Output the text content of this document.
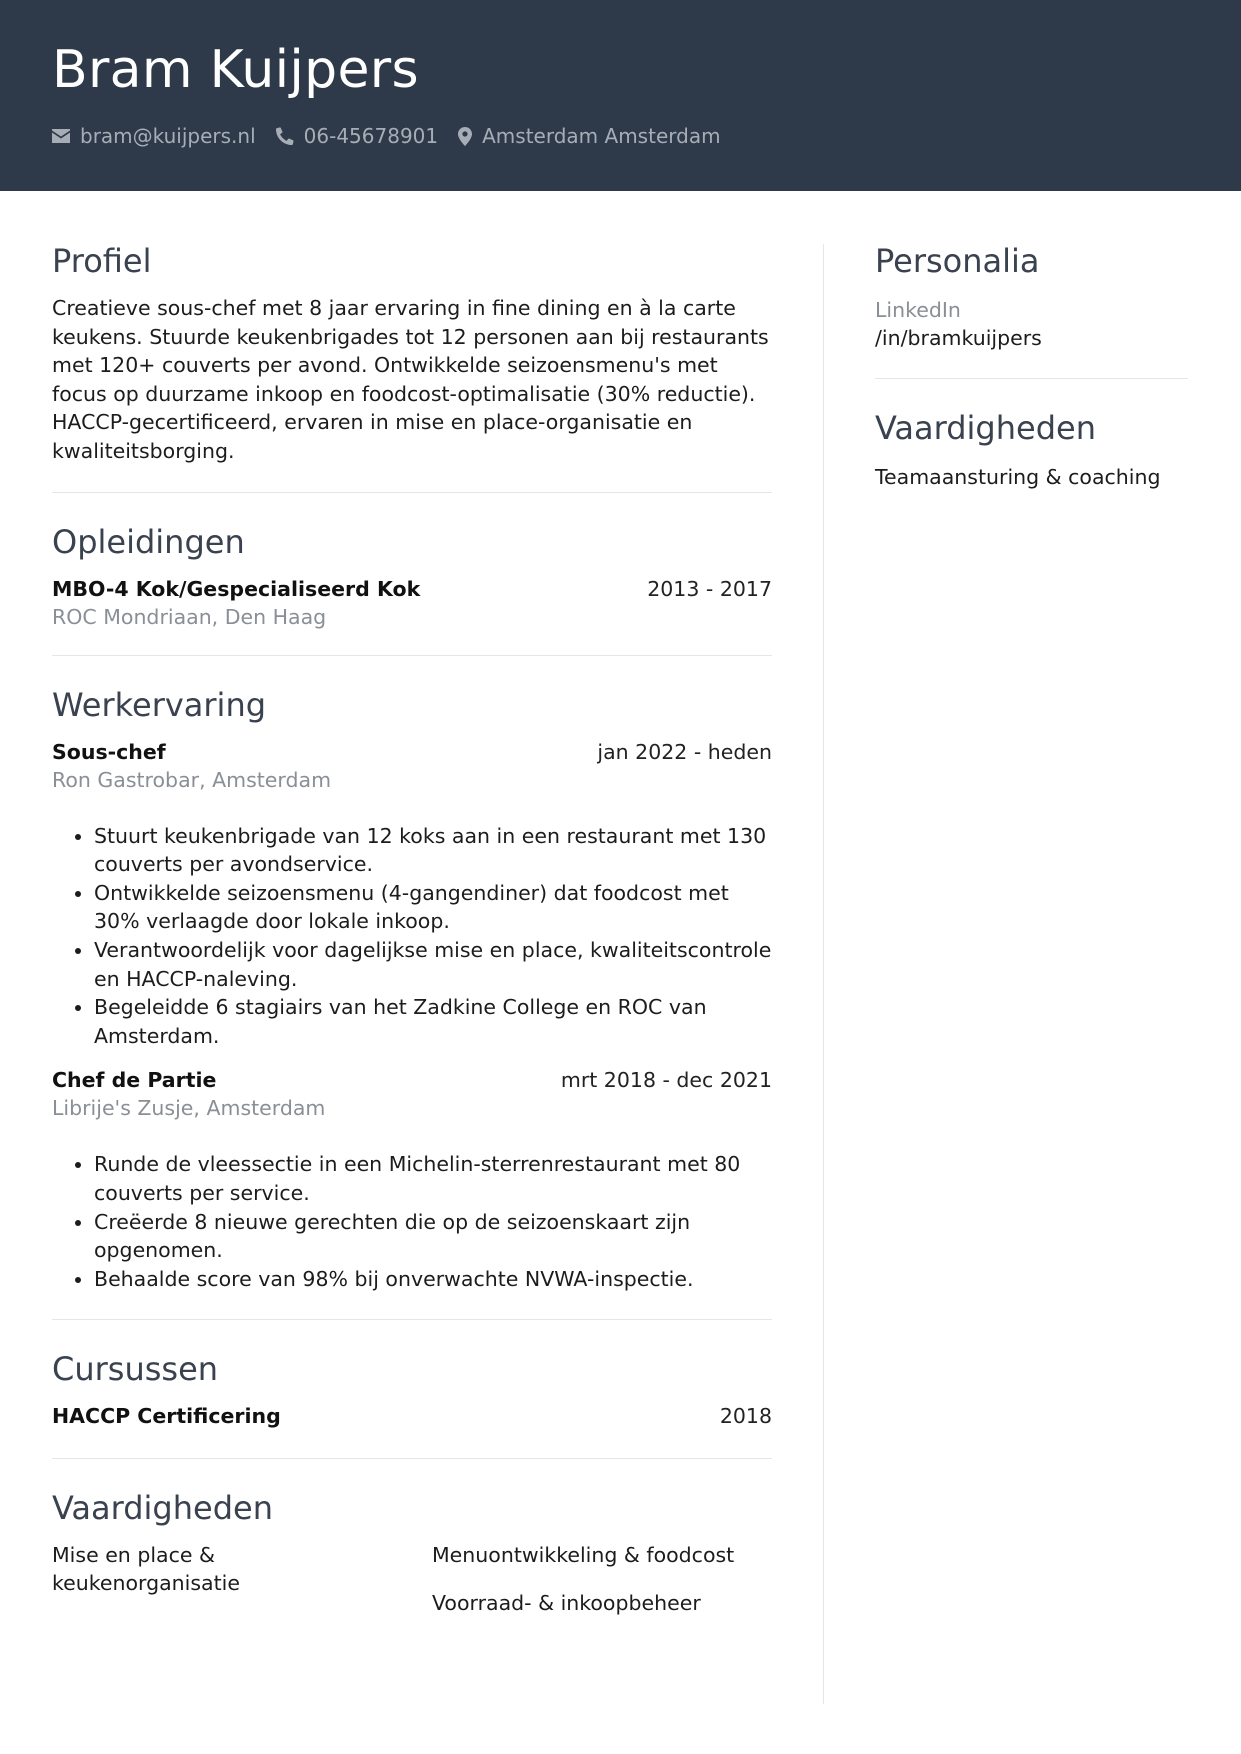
Bram Kuijpers
bram@kuijpers.nl 06-45678901 Amsterdam Amsterdam
Profiel
Creatieve sous-chef met 8 jaar ervaring in fine dining en à la carte keukens. Stuurde keukenbrigades tot 12 personen aan bij restaurants met 120+ couverts per avond. Ontwikkelde seizoensmenu's met focus op duurzame inkoop en foodcost-optimalisatie (30% reductie). HACCP-gecertificeerd, ervaren in mise en place-organisatie en kwaliteitsborging.
Opleidingen
MBO-4 Kok/Gespecialiseerd Kok	2013 - 2017
ROC Mondriaan, Den Haag
Werkervaring
Sous-chef	jan 2022 - heden
Ron Gastrobar, Amsterdam
• Stuurt keukenbrigade van 12 koks aan in een restaurant met 130 couverts per avondservice.
• Ontwikkelde seizoensmenu (4-gangendiner) dat foodcost met 30% verlaagde door lokale inkoop.
• Verantwoordelijk voor dagelijkse mise en place, kwaliteitscontrole en HACCP-naleving.
• Begeleidde 6 stagiairs van het Zadkine College en ROC van Amsterdam.
Chef de Partie	mrt 2018 - dec 2021
Librije's Zusje, Amsterdam
• Runde de vleessectie in een Michelin-sterrenrestaurant met 80 couverts per service.
• Creëerde 8 nieuwe gerechten die op de seizoenskaart zijn opgenomen.
• Behaalde score van 98% bij onverwachte NVWA-inspectie.
Cursussen
HACCP Certificering	2018
Vaardigheden
Mise en place & keukenorganisatie
Menuontwikkeling & foodcost
Voorraad- & inkoopbeheer
Personalia
LinkedIn
/in/bramkuijpers
Vaardigheden
Teamaansturing & coaching
